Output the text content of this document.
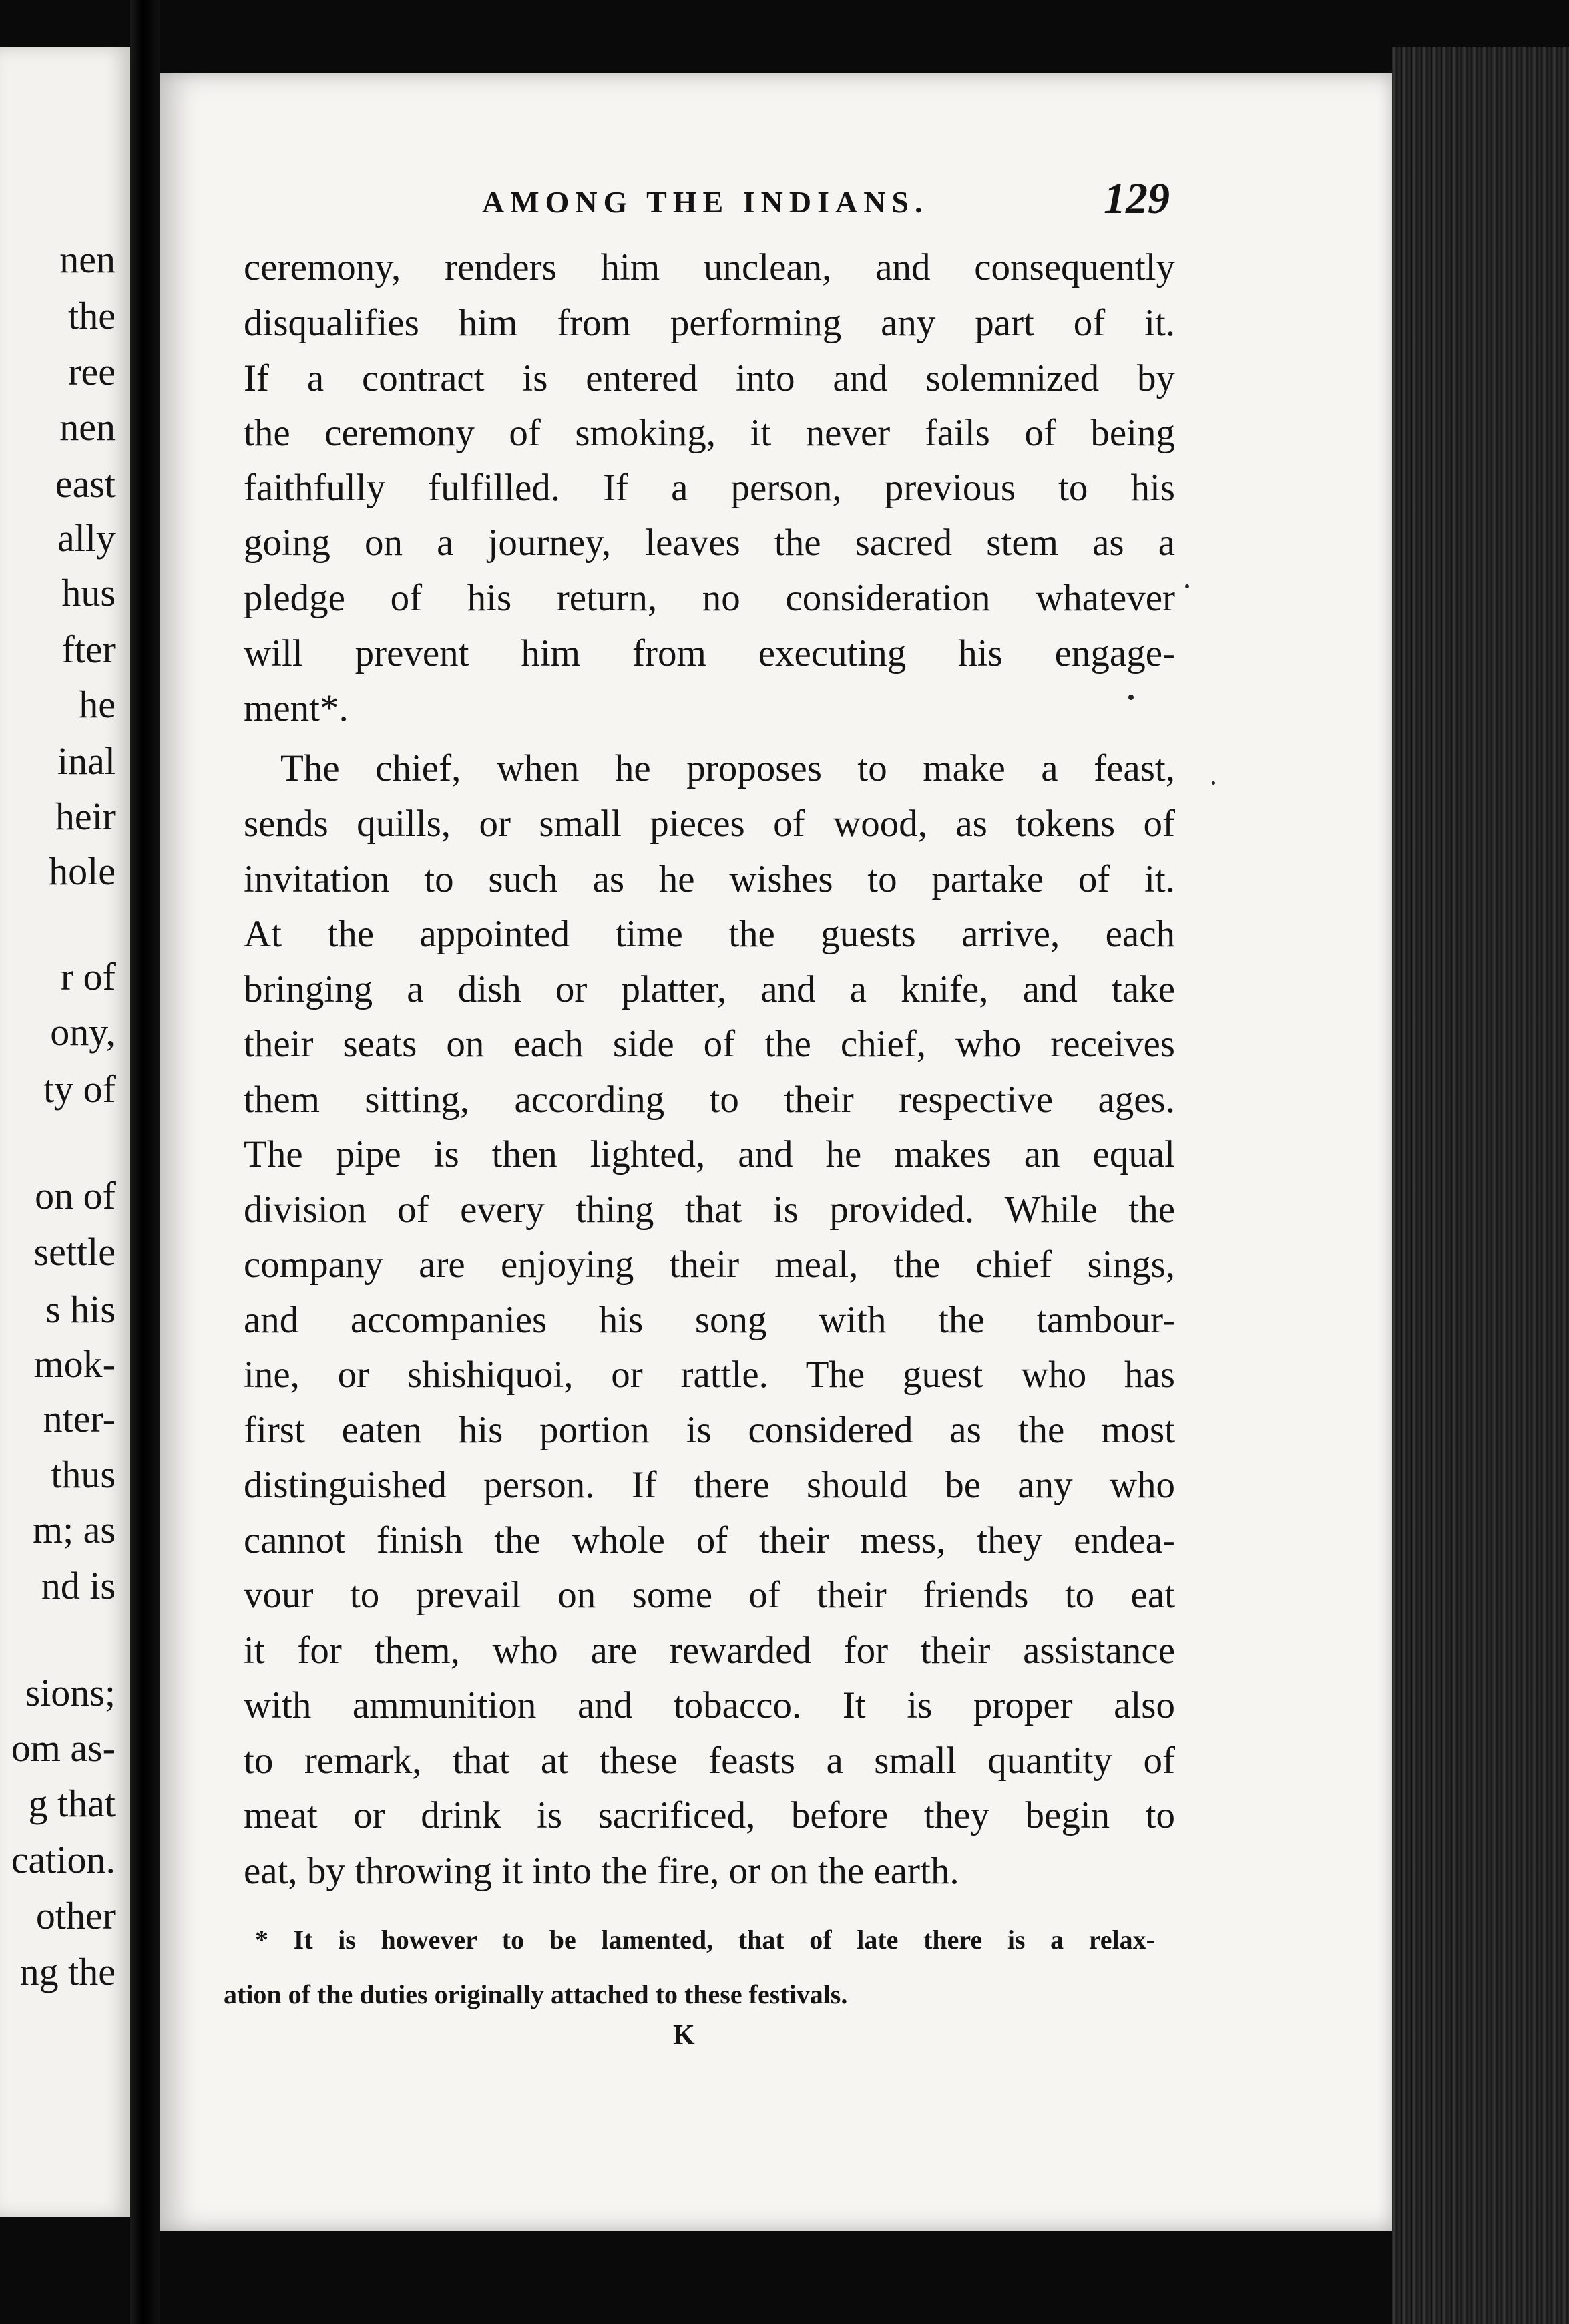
nen
the
ree
nen
east
ally
hus
fter
he
inal
heir
hole
r of
ony,
ty of
on of
settle
s his
mok-
nter-
thus
m; as
nd is
sions;
om as-
g that
cation.
other
ng the
AMONG THE INDIANS.	129
ceremony, renders him unclean, and consequently
disqualifies him from performing any part of it.
If a contract is entered into and solemnized by
the ceremony of smoking, it never fails of being
faithfully fulfilled. If a person, previous to his
going on a journey, leaves the sacred stem as a
pledge of his return, no consideration whatever
will prevent him from executing his engage-
ment*.
The chief, when he proposes to make a feast,
sends quills, or small pieces of wood, as tokens of
invitation to such as he wishes to partake of it.
At the appointed time the guests arrive, each
bringing a dish or platter, and a knife, and take
their seats on each side of the chief, who receives
them sitting, according to their respective ages.
The pipe is then lighted, and he makes an equal
division of every thing that is provided. While the
company are enjoying their meal, the chief sings,
and accompanies his song with the tambour-
ine, or shishiquoi, or rattle. The guest who has
first eaten his portion is considered as the most
distinguished person. If there should be any who
cannot finish the whole of their mess, they endea-
vour to prevail on some of their friends to eat
it for them, who are rewarded for their assistance
with ammunition and tobacco. It is proper also
to remark, that at these feasts a small quantity of
meat or drink is sacrificed, before they begin to
eat, by throwing it into the fire, or on the earth.
* It is however to be lamented, that of late there is a relax-
ation of the duties originally attached to these festivals.
K
